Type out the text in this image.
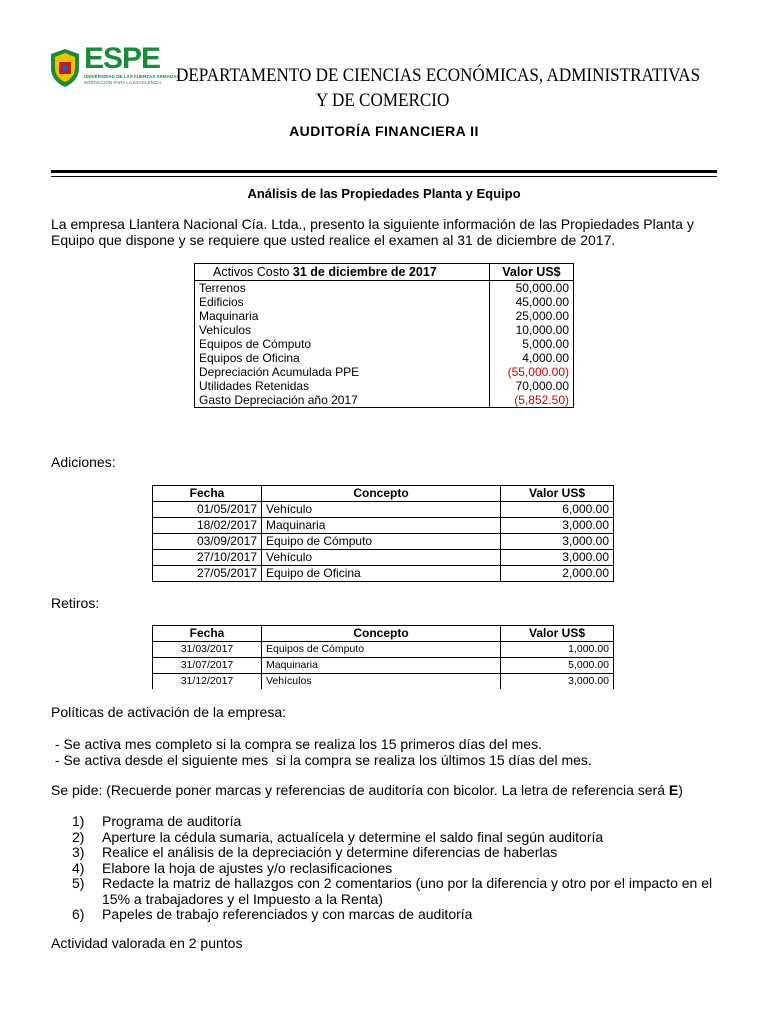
ESPE
UNIVERSIDAD DE LAS FUERZAS ARMADAS
INNOVACIÓN PARA LA EXCELENCIA DEPARTAMENTO DE CIENCIAS ECONÓMICAS, ADMINISTRATIVAS
Y DE COMERCIO
AUDITORÍA FINANCIERA II
Análisis de las Propiedades Planta y Equipo
La empresa Llantera Nacional Cía. Ltda., presento la siguiente información de las Propiedades Planta y Equipo que dispone y se requiere que usted realice el examen al 31 de diciembre de 2017.
Activos Costo 31 de diciembre de 2017	Valor US$
Terrenos	50,000.00
Edificios	45,000.00
Maquinaria	25,000.00
Vehículos	10,000.00
Equipos de Cómputo	5,000.00
Equipos de Oficina	4,000.00
Depreciación Acumulada PPE	(55,000.00)
Utilidades Retenidas	70,000.00
Gasto Depreciación año 2017	(5,852.50)
Adiciones:
Fecha	Concepto	Valor US$
01/05/2017	Vehículo	6,000.00
18/02/2017	Maquinaria	3,000.00
03/09/2017	Equipo de Cómputo	3,000.00
27/10/2017	Vehículo	3,000.00
27/05/2017	Equipo de Oficina	2,000.00
Retiros:
Fecha	Concepto	Valor US$
31/03/2017	Equipos de Cómputo	1,000.00
31/07/2017	Maquinaria	5,000.00
31/12/2017	Vehículos	3,000.00
Políticas de activación de la empresa:
- Se activa mes completo si la compra se realiza los 15 primeros días del mes.
- Se activa desde el siguiente mes  si la compra se realiza los últimos 15 días del mes.
Se pide: (Recuerde poner marcas y referencias de auditoría con bicolor. La letra de referencia será E)
1)	Programa de auditoría
2)	Aperture la cédula sumaria, actualícela y determine el saldo final según auditoría
3)	Realice el análisis de la depreciación y determine diferencias de haberlas
4)	Elabore la hoja de ajustes y/o reclasificaciones
5)	Redacte la matriz de hallazgos con 2 comentarios (uno por la diferencia y otro por el impacto en el 15% a trabajadores y el Impuesto a la Renta)
6)	Papeles de trabajo referenciados y con marcas de auditoría
Actividad valorada en 2 puntos
